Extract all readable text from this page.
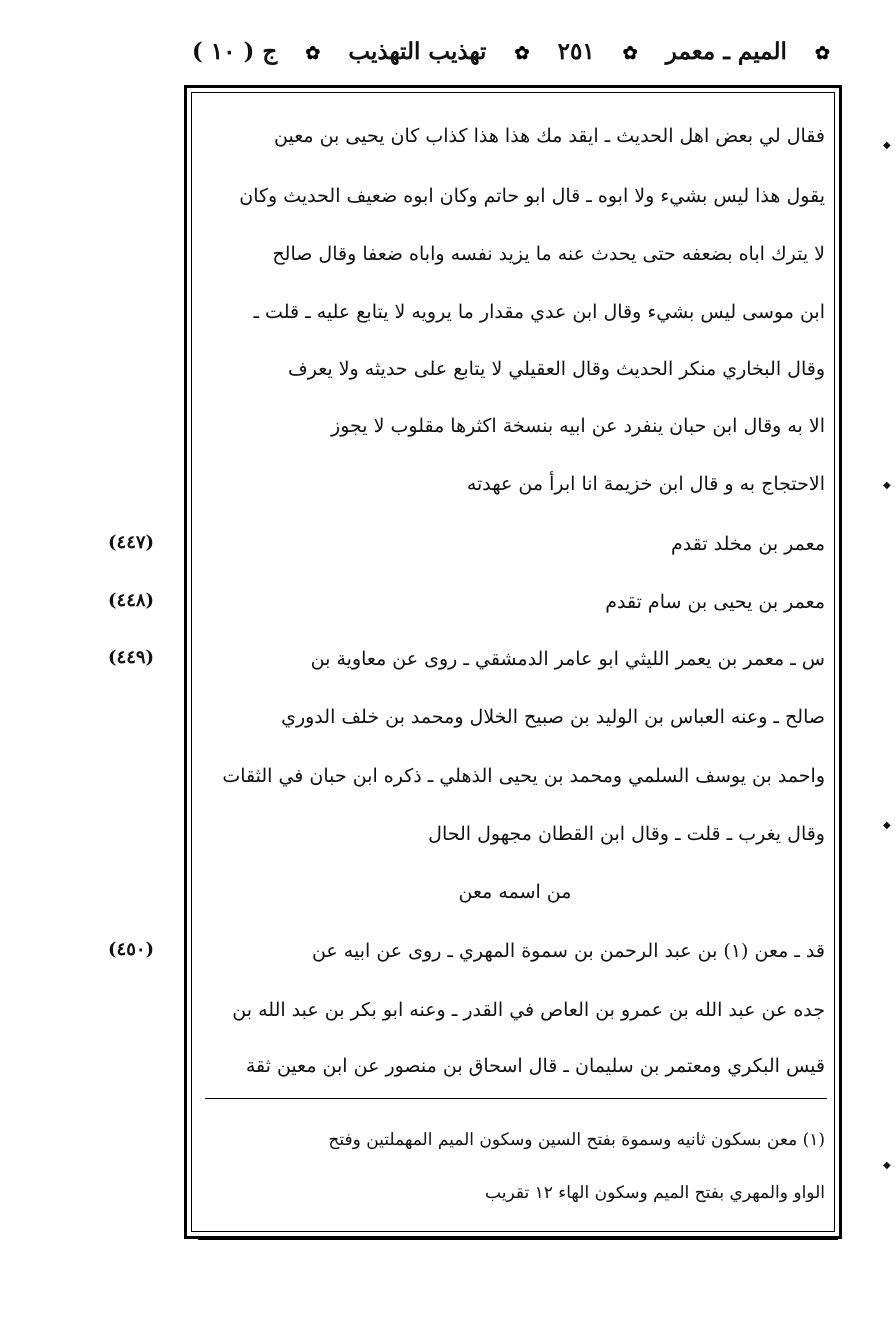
✿ الميم ـ معمر ✿ ٢٥١ ✿ تهذيب التهذيب ✿ ج ( ١٠ )
فقال لي بعض اهل الحديث ـ ايقد مك هذا هذا كذاب كان يحيى بن معين
يقول هذا ليس بشيء ولا ابوه ـ قال ابو حاتم وكان ابوه ضعيف الحديث وكان
لا يترك اباه بضعفه حتى يحدث عنه ما يزيد نفسه واباه ضعفا وقال صالح
ابن موسى ليس بشيء وقال ابن عدي مقدار ما يرويه لا يتابع عليه ـ قلت ـ
وقال البخاري منكر الحديث وقال العقيلي لا يتابع على حديثه ولا يعرف
الا به وقال ابن حبان ينفرد عن ابيه بنسخة اكثرها مقلوب لا يجوز
الاحتجاج به و قال ابن خزيمة انا ابرأ من عهدته
معمر بن مخلد تقدم
معمر بن يحيى بن سام تقدم
س ـ معمر بن يعمر الليثي ابو عامر الدمشقي ـ روى عن معاوية بن
صالح ـ وعنه العباس بن الوليد بن صبيح الخلال ومحمد بن خلف الدوري
واحمد بن يوسف السلمي ومحمد بن يحيى الذهلي ـ ذكره ابن حبان في الثقات
وقال يغرب ـ قلت ـ وقال ابن القطان مجهول الحال
من اسمه معن
قد ـ معن (١) بن عبد الرحمن بن سموة المهري ـ روى عن ابيه عن
جده عن عبد الله بن عمرو بن العاص في القدر ـ وعنه ابو بكر بن عبد الله بن
قيس البكري ومعتمر بن سليمان ـ قال اسحاق بن منصور عن ابن معين ثقة
(٤٤٧)
(٤٤٨)
(٤٤٩)
(٤٥٠)
(١) معن بسكون ثانيه وسموة بفتح السين وسكون الميم المهملتين وفتح
الواو والمهري بفتح الميم وسكون الهاء ١٢ تقريب
◆
◆
◆
◆
